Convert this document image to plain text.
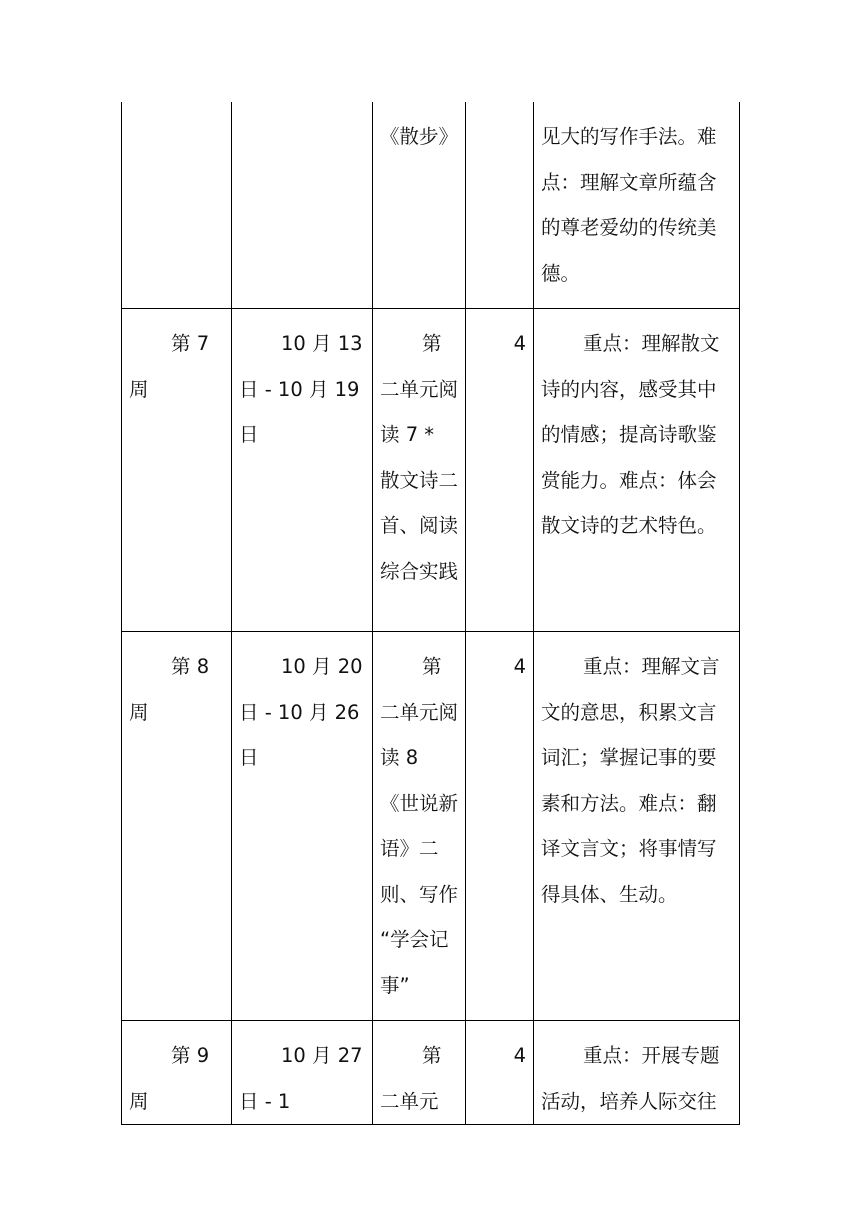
		《散步》		见大的写作手法。难点：理解文章所蕴含的尊老爱幼的传统美德。
第 7 周	10 月 13 日 - 10 月 19 日	第二单元阅读 7 * 散文诗二首、阅读综合实践	4	重点：理解散文诗的内容，感受其中的情感；提高诗歌鉴赏能力。难点：体会散文诗的艺术特色。
第 8 周	10 月 20 日 - 10 月 26 日	第二单元阅读 8 《世说新语》二则、写作 “学会记事”	4	重点：理解文言文的意思，积累文言词汇；掌握记事的要素和方法。难点：翻译文言文；将事情写得具体、生动。
第 9 周	10 月 27 日 - 1	第二单元	4	重点：开展专题活动，培养人际交往
